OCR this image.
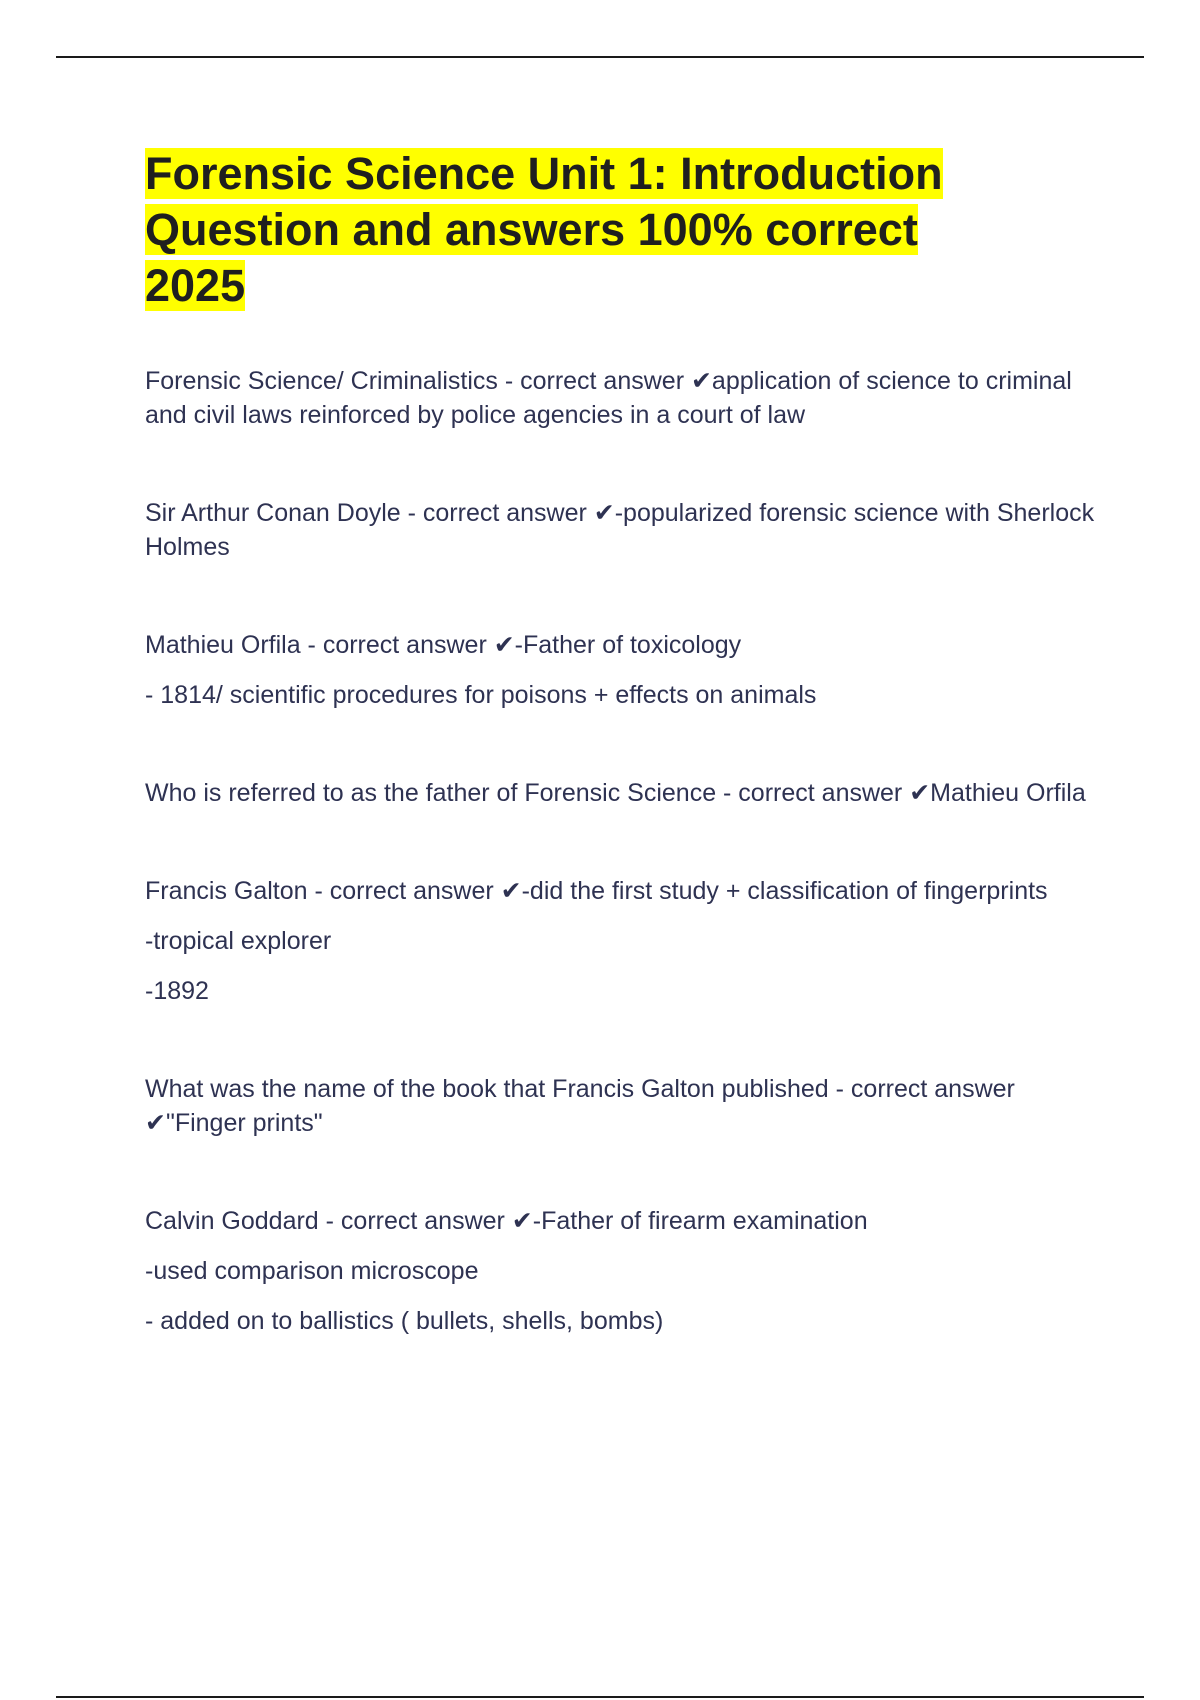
Forensic Science Unit 1: Introduction Question and answers 100% correct 2025

Forensic Science/ Criminalistics - correct answer ✔application of science to criminal and civil laws reinforced by police agencies in a court of law

Sir Arthur Conan Doyle - correct answer ✔-popularized forensic science with Sherlock Holmes

Mathieu Orfila - correct answer ✔-Father of toxicology

- 1814/ scientific procedures for poisons + effects on animals

Who is referred to as the father of Forensic Science - correct answer ✔Mathieu Orfila

Francis Galton - correct answer ✔-did the first study + classification of fingerprints

-tropical explorer

-1892

What was the name of the book that Francis Galton published - correct answer ✔"Finger prints"

Calvin Goddard - correct answer ✔-Father of firearm examination

-used comparison microscope

- added on to ballistics ( bullets, shells, bombs)
